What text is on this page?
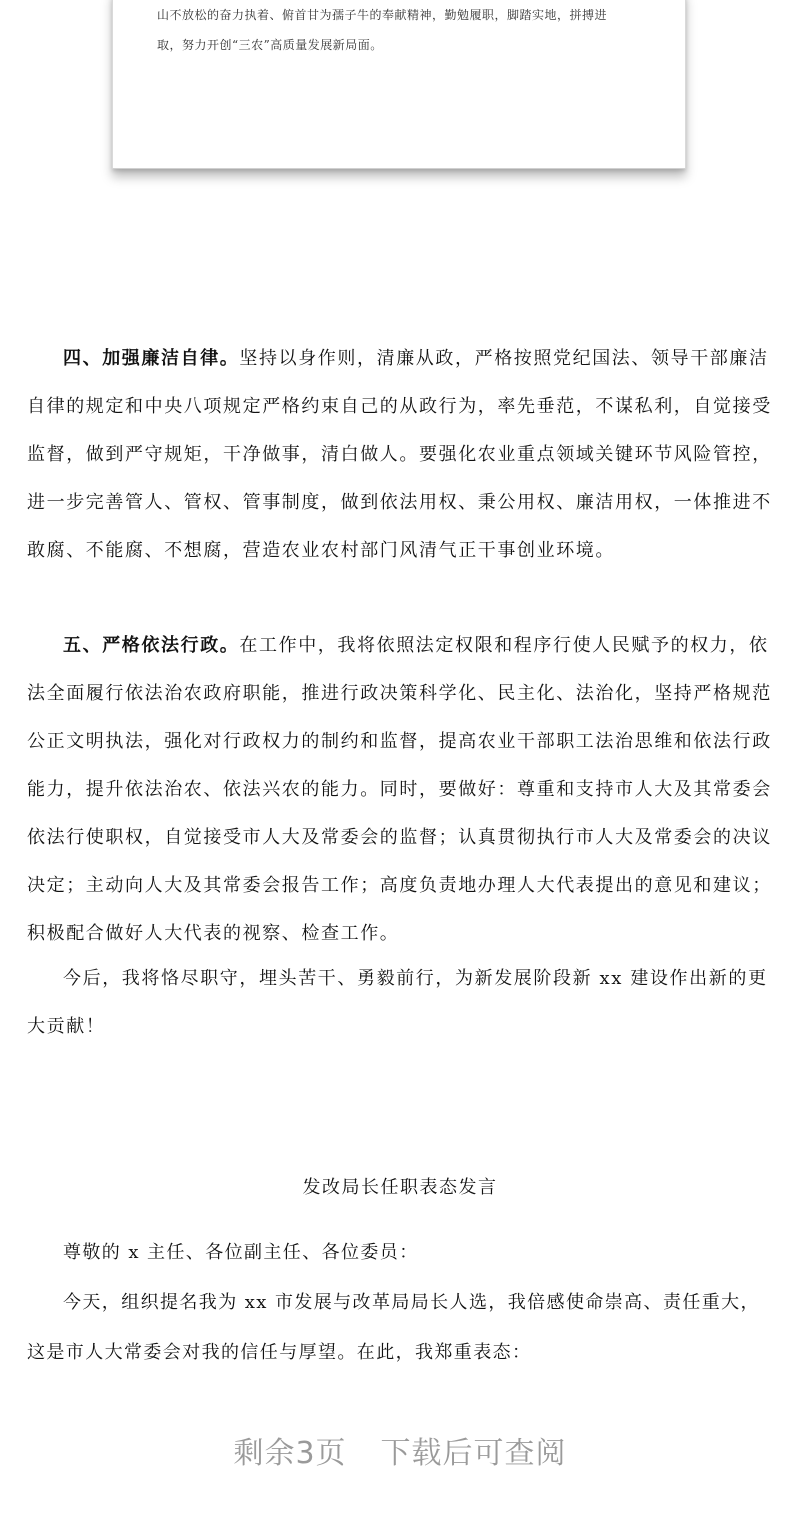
山不放松的奋力执着、俯首甘为孺子牛的奉献精神，勤勉履职，脚踏实地，拼搏进

取，努力开创“三农”高质量发展新局面。

四、加强廉洁自律。坚持以身作则，清廉从政，严格按照党纪国法、领导干部廉洁自律的规定和中央八项规定严格约束自己的从政行为，率先垂范，不谋私利，自觉接受监督，做到严守规矩，干净做事，清白做人。要强化农业重点领域关键环节风险管控，进一步完善管人、管权、管事制度，做到依法用权、秉公用权、廉洁用权，一体推进不敢腐、不能腐、不想腐，营造农业农村部门风清气正干事创业环境。

五、严格依法行政。在工作中，我将依照法定权限和程序行使人民赋予的权力，依法全面履行依法治农政府职能，推进行政决策科学化、民主化、法治化，坚持严格规范公正文明执法，强化对行政权力的制约和监督，提高农业干部职工法治思维和依法行政能力，提升依法治农、依法兴农的能力。同时，要做好：尊重和支持市人大及其常委会依法行使职权，自觉接受市人大及常委会的监督；认真贯彻执行市人大及常委会的决议决定；主动向人大及其常委会报告工作；高度负责地办理人大代表提出的意见和建议；积极配合做好人大代表的视察、检查工作。

今后，我将恪尽职守，埋头苦干、勇毅前行，为新发展阶段新 xx 建设作出新的更大贡献！

发改局长任职表态发言

尊敬的 x 主任、各位副主任、各位委员：

今天，组织提名我为 xx 市发展与改革局局长人选，我倍感使命崇高、责任重大，这是市人大常委会对我的信任与厚望。在此，我郑重表态：

剩余3页 下载后可查阅
